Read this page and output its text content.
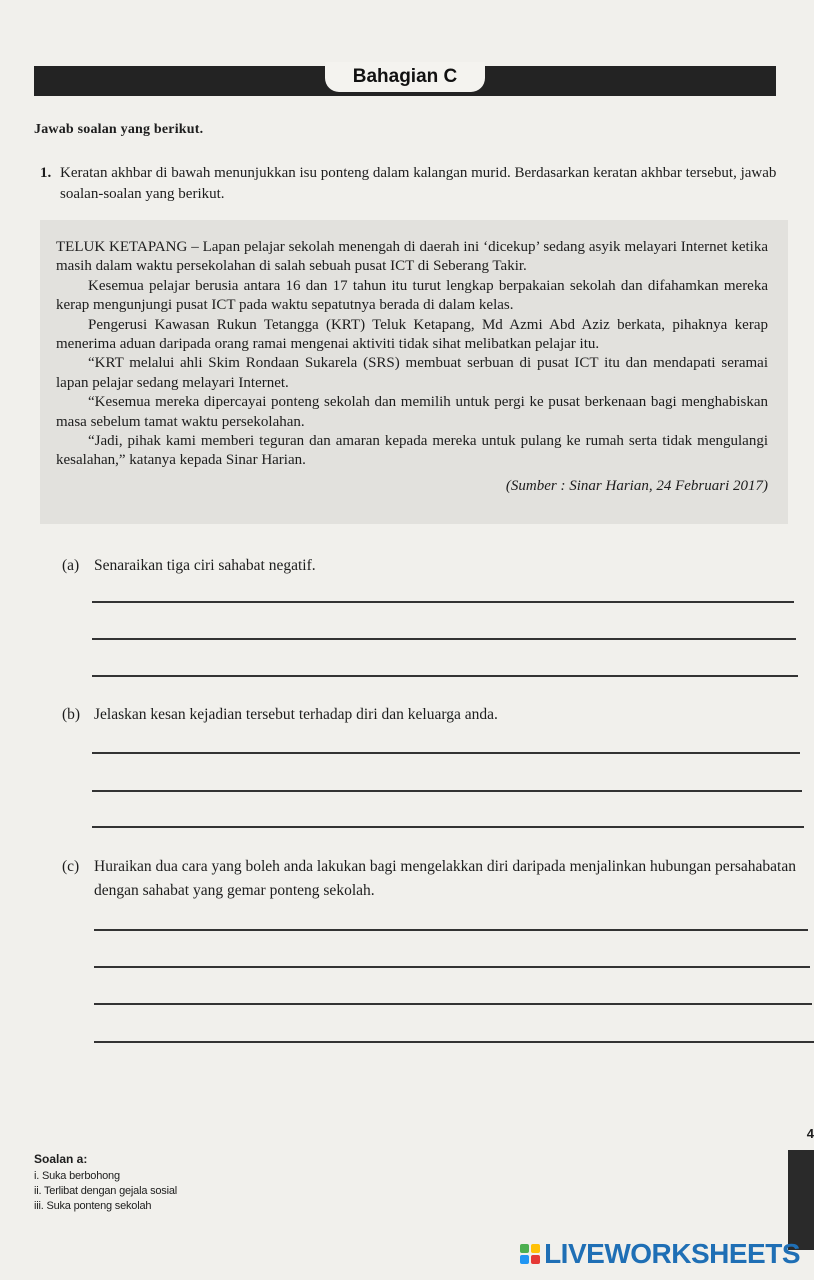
Bahagian C
Jawab soalan yang berikut.
1. Keratan akhbar di bawah menunjukkan isu ponteng dalam kalangan murid. Berdasarkan keratan akhbar tersebut, jawab soalan-soalan yang berikut.

TELUK KETAPANG – Lapan pelajar sekolah menengah di daerah ini ‘dicekup’ sedang asyik melayari Internet ketika masih dalam waktu persekolahan di salah sebuah pusat ICT di Seberang Takir.

Kesemua pelajar berusia antara 16 dan 17 tahun itu turut lengkap berpakaian sekolah dan difahamkan mereka kerap mengunjungi pusat ICT pada waktu sepatutnya berada di dalam kelas.

Pengerusi Kawasan Rukun Tetangga (KRT) Teluk Ketapang, Md Azmi Abd Aziz berkata, pihaknya kerap menerima aduan daripada orang ramai mengenai aktiviti tidak sihat melibatkan pelajar itu.

“KRT melalui ahli Skim Rondaan Sukarela (SRS) membuat serbuan di pusat ICT itu dan mendapati seramai lapan pelajar sedang melayari Internet.

“Kesemua mereka dipercayai ponteng sekolah dan memilih untuk pergi ke pusat berkenaan bagi menghabiskan masa sebelum tamat waktu persekolahan.

“Jadi, pihak kami memberi teguran dan amaran kepada mereka untuk pulang ke rumah serta tidak mengulangi kesalahan,” katanya kepada Sinar Harian.

(Sumber : Sinar Harian, 24 Februari 2017)

(a) Senaraikan tiga ciri sahabat negatif.
(b) Jelaskan kesan kejadian tersebut terhadap diri dan keluarga anda.
(c) Huraikan dua cara yang boleh anda lakukan bagi mengelakkan diri daripada menjalinkan hubungan persahabatan dengan sahabat yang gemar ponteng sekolah.
4
Soalan a:
i. Suka berbohong
ii. Terlibat dengan gejala sosial
iii. Suka ponteng sekolah
LIVEWORKSHEETS
